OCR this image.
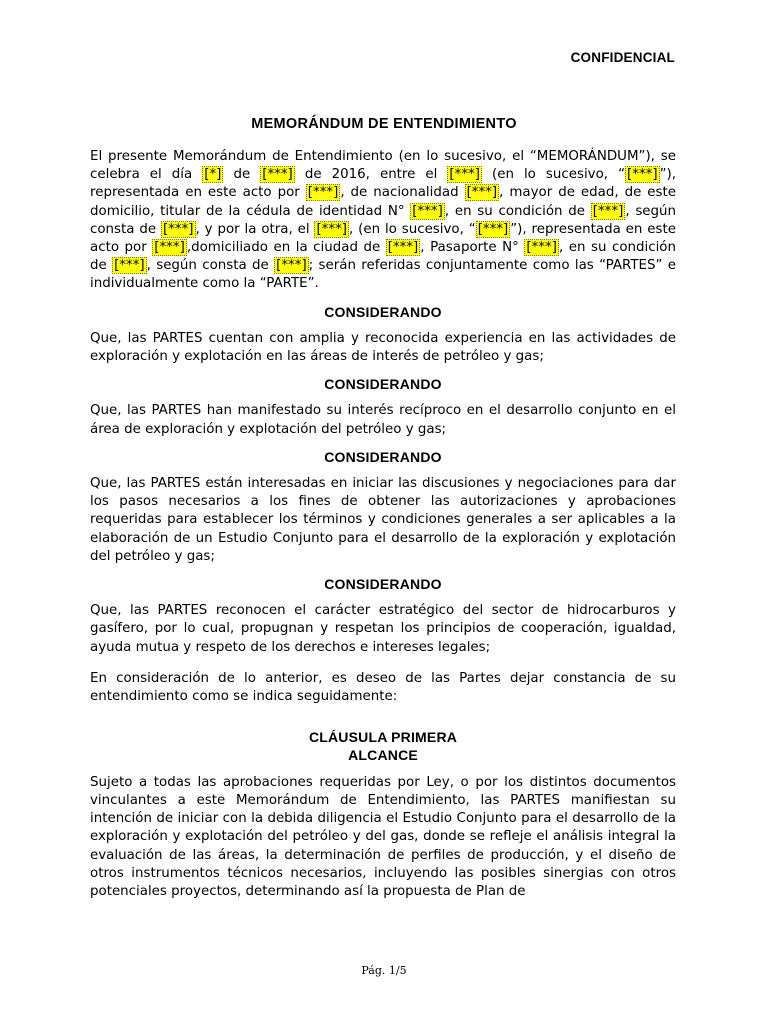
CONFIDENCIAL
MEMORÁNDUM DE ENTENDIMIENTO

El presente Memorándum de Entendimiento (en lo sucesivo, el “MEMORÁNDUM”), se celebra el día [*] de [***] de 2016, entre el [***] (en lo sucesivo, “ [***] ”), representada en este acto por [***] , de nacionalidad [***] , mayor de edad, de este domicilio, titular de la cédula de identidad N° [***] , en su condición de [***] , según consta de [***] , y por la otra, el [***] , (en lo sucesivo, “ [***] ”), representada en este acto por [***] ,domiciliado en la ciudad de [***] , Pasaporte N° [***] , en su condición de [***] , según consta de [***] ; serán referidas conjuntamente como las “PARTES” e individualmente como la “PARTE”.

CONSIDERANDO

Que, las PARTES cuentan con amplia y reconocida experiencia en las actividades de exploración y explotación en las áreas de interés de petróleo y gas;

CONSIDERANDO

Que, las PARTES han manifestado su interés recíproco en el desarrollo conjunto en el área de exploración y explotación del petróleo y gas;

CONSIDERANDO

Que, las PARTES están interesadas en iniciar las discusiones y negociaciones para dar los pasos necesarios a los fines de obtener las autorizaciones y aprobaciones requeridas para establecer los términos y condiciones generales a ser aplicables a la elaboración de un Estudio Conjunto para el desarrollo de la exploración y explotación del petróleo y gas;

CONSIDERANDO

Que, las PARTES reconocen el carácter estratégico del sector de hidrocarburos y gasífero, por lo cual, propugnan y respetan los principios de cooperación, igualdad, ayuda mutua y respeto de los derechos e intereses legales;

En consideración de lo anterior, es deseo de las Partes dejar constancia de su entendimiento como se indica seguidamente:

CLÁUSULA PRIMERA
ALCANCE

Sujeto a todas las aprobaciones requeridas por Ley, o por los distintos documentos vinculantes a este Memorándum de Entendimiento, las PARTES manifiestan su intención de iniciar con la debida diligencia el Estudio Conjunto para el desarrollo de la exploración y explotación del petróleo y del gas, donde se refleje el análisis integral la evaluación de las áreas, la determinación de perfiles de producción, y el diseño de otros instrumentos técnicos necesarios, incluyendo las posibles sinergias con otros potenciales proyectos, determinando así la propuesta de Plan de

Pág. 1/5
